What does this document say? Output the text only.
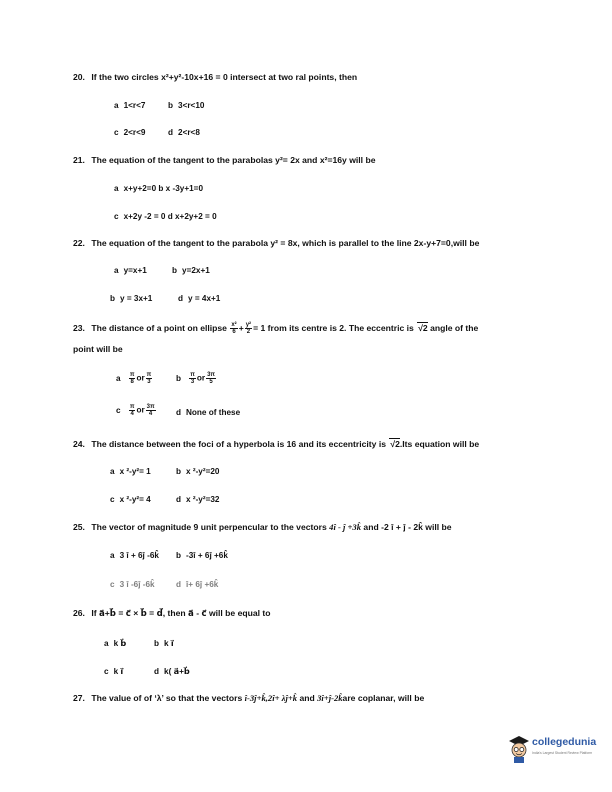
20. If the two circles x²+y²-10x+16 = 0 intersect at two ral points, then
a 1<r<7	b 3<r<10
c 2<r<9	d 2<r<8
21. The equation of the tangent to the parabolas y²= 2x and x²=16y will be
a x+y+2=0 b x -3y+1=0
c x+2y -2 = 0 d x+2y+2 = 0
22. The equation of the tangent to the parabola y² = 8x, which is parallel to the line 2x-y+7=0,will be
a y=x+1	b y=2x+1
b y = 3x+1	d y = 4x+1
23. The distance of a point on ellipse $\frac{\text{x²}}{6} + \frac{\text{y²}}{2} = 1$ from its centre is 2. The eccentric is √2 angle of the
point will be
a $\frac{\pi}{8}$ or $\frac{\pi}{3}$	b $\frac{\pi}{3}$ or $\frac{3\pi}{5}$
c $\frac{\pi}{4}$ or $\frac{3\pi}{4}$ d None of these
24. The distance between the foci of a hyperbola is 16 and its eccentricity is √2.Its equation will be
a x ²-y²= 1	b x ²-y²=20
c x ²-y²= 4	d x ²-y²=32
25. The vector of magnitude 9 unit perpencular to the vectors 4î - ĵ +3k̂ and -2 î + ĵ - 2k̂ will be
a 3 î + 6ĵ -6k̂ b -3î + 6ĵ +6k̂
c 3 î -6ĵ -6k̂	d î+ 6ĵ +6k̂
26. If a⃗+b⃗ = c⃗ × b⃗ = d⃗, then a⃗ - c⃗ will be equal to
a k b⃗	b k i⃗
c k i⃗	d k( a⃗+b⃗
27. The value of of ‘λ’ so that the vectors î-3ĵ+k̂,2î+ λĵ+k̂ and 3î+ĵ-2k̂are coplanar, will be
collegedunia
India's Largest Student Review Platform
